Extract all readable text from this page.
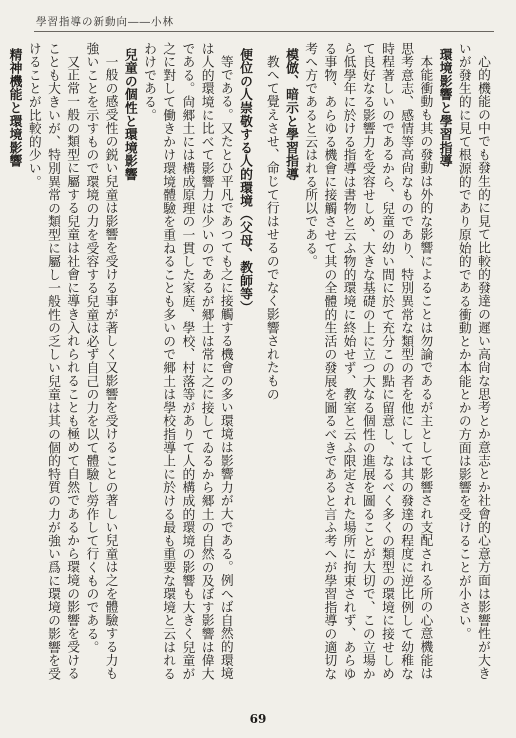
學習指導の新動向――小林

便位の人崇敬する人的環境（父母、教師等）

等である。又たとひ平凡であつても之に接觸する機會の多い環境は影響力が大である。例へば自然的環境は人的環境に比べて影響力は少いのであるが郷土は常に之に接してゐるから郷土の自然の及ぼす影響は偉大である。尙郷土には構成原理の一貫した家庭、學校、村落等がありて人的構成的環境の影響も大きく兒童が之に對して働きかけ環境體驗を重ねることも多いので郷土は學校指導上に於ける最も重要な環境と云はれるわけである。

兒童の個性と環境影響

一般の感受性の鋭い兒童は影響を受ける事が著しく又影響を受けることの著しい兒童は之を體驗する力も強いことを示すもので環境の力を受容する兒童は必ず自己の力を以て體驗し勞作して行くものである。

又正常一般の類型に屬する兒童は社會に導き入れられることも極めて自然であるから環境の影響を受けることも大きいが、特別異常の類型に屬し一般性の乏しい兒童は其の個的特質の力が強い爲に環境の影響を受けることが比較的少い。

精神機能と環境影響	心的機能の中でも發生的に見て比較的發達の遲い高尙な思考とか意志とか社會的心意方面は影響性が大きいが發生的に見て根源的であり原始的である衝動とか本能とかの方面は影響を受けることが小さい。

環境影響と學習指導

本能衝動も其の發動は外的な影響によることは勿論であるが主として影響され支配される所の心意機能は思考意志、感情等高尙なものであり、特別異常な類型の者を他にしては其の發達の程度に逆比例して幼稚な時程著しいのであるから、兒童の幼い間に於て充分この點に留意し、なるべく多くの類型の環境に接せしめて良好なる影響力を受容せしめ、大きな基礎の上に立つ大なる個性の進展を圖ることが大切で、この立場から低學年に於ける指導は書物と云ふ物的環境に終始せず、教室と云ふ限定された場所に拘束されず、あらゆる事物、あらゆる機會に接觸させて其の全體的生活の發展を圖るべきであると言ふ考へが學習指導の適切な考へ方であると云はれる所以である。

模倣、暗示と學習指導

教へて覺えさせ、命じて行はせるのでなく影響されたもの

69
